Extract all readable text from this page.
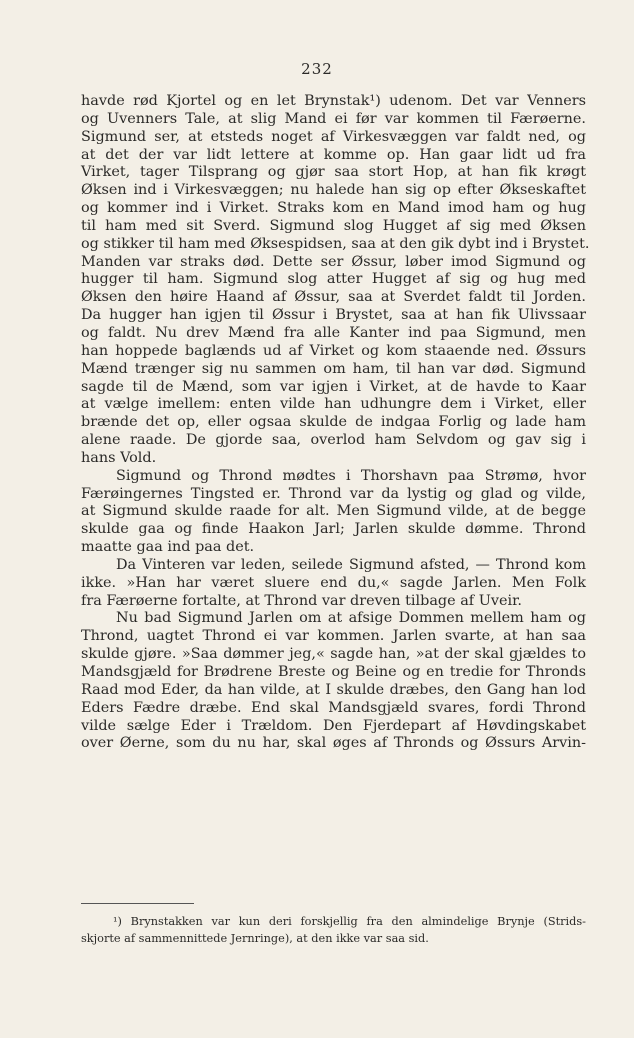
232
havde rød Kjortel og en let Brynstak¹) udenom. Det var Venners
og Uvenners Tale, at slig Mand ei før var kommen til Færøerne.
Sigmund ser, at etsteds noget af Virkesvæggen var faldt ned, og
at det der var lidt lettere at komme op. Han gaar lidt ud fra
Virket, tager Tilsprang og gjør saa stort Hop, at han fik krøgt
Øksen ind i Virkesvæggen; nu halede han sig op efter Økseskaftet
og kommer ind i Virket. Straks kom en Mand imod ham og hug
til ham med sit Sverd. Sigmund slog Hugget af sig med Øksen
og stikker til ham med Øksespidsen, saa at den gik dybt ind i Brystet.
Manden var straks død. Dette ser Øssur, løber imod Sigmund og
hugger til ham. Sigmund slog atter Hugget af sig og hug med
Øksen den høire Haand af Øssur, saa at Sverdet faldt til Jorden.
Da hugger han igjen til Øssur i Brystet, saa at han fik Ulivssaar
og faldt. Nu drev Mænd fra alle Kanter ind paa Sigmund, men
han hoppede baglænds ud af Virket og kom staaende ned. Øssurs
Mænd trænger sig nu sammen om ham, til han var død. Sigmund
sagde til de Mænd, som var igjen i Virket, at de havde to Kaar
at vælge imellem: enten vilde han udhungre dem i Virket, eller
brænde det op, eller ogsaa skulde de indgaa Forlig og lade ham
alene raade. De gjorde saa, overlod ham Selvdom og gav sig i
hans Vold.
Sigmund og Thrond mødtes i Thorshavn paa Strømø, hvor
Færøingernes Tingsted er. Thrond var da lystig og glad og vilde,
at Sigmund skulde raade for alt. Men Sigmund vilde, at de begge
skulde gaa og finde Haakon Jarl; Jarlen skulde dømme. Thrond
maatte gaa ind paa det.
Da Vinteren var leden, seilede Sigmund afsted, — Thrond kom
ikke. »Han har været sluere end du,« sagde Jarlen. Men Folk
fra Færøerne fortalte, at Thrond var dreven tilbage af Uveir.
Nu bad Sigmund Jarlen om at afsige Dommen mellem ham og
Thrond, uagtet Thrond ei var kommen. Jarlen svarte, at han saa
skulde gjøre. »Saa dømmer jeg,« sagde han, »at der skal gjældes to
Mandsgjæld for Brødrene Breste og Beine og en tredie for Thronds
Raad mod Eder, da han vilde, at I skulde dræbes, den Gang han lod
Eders Fædre dræbe. End skal Mandsgjæld svares, fordi Thrond
vilde sælge Eder i Trældom. Den Fjerdepart af Høvdingskabet
over Øerne, som du nu har, skal øges af Thronds og Øssurs Arvin-
¹) Brynstakken var kun deri forskjellig fra den almindelige Brynje (Strids-
skjorte af sammennittede Jernringe), at den ikke var saa sid.
